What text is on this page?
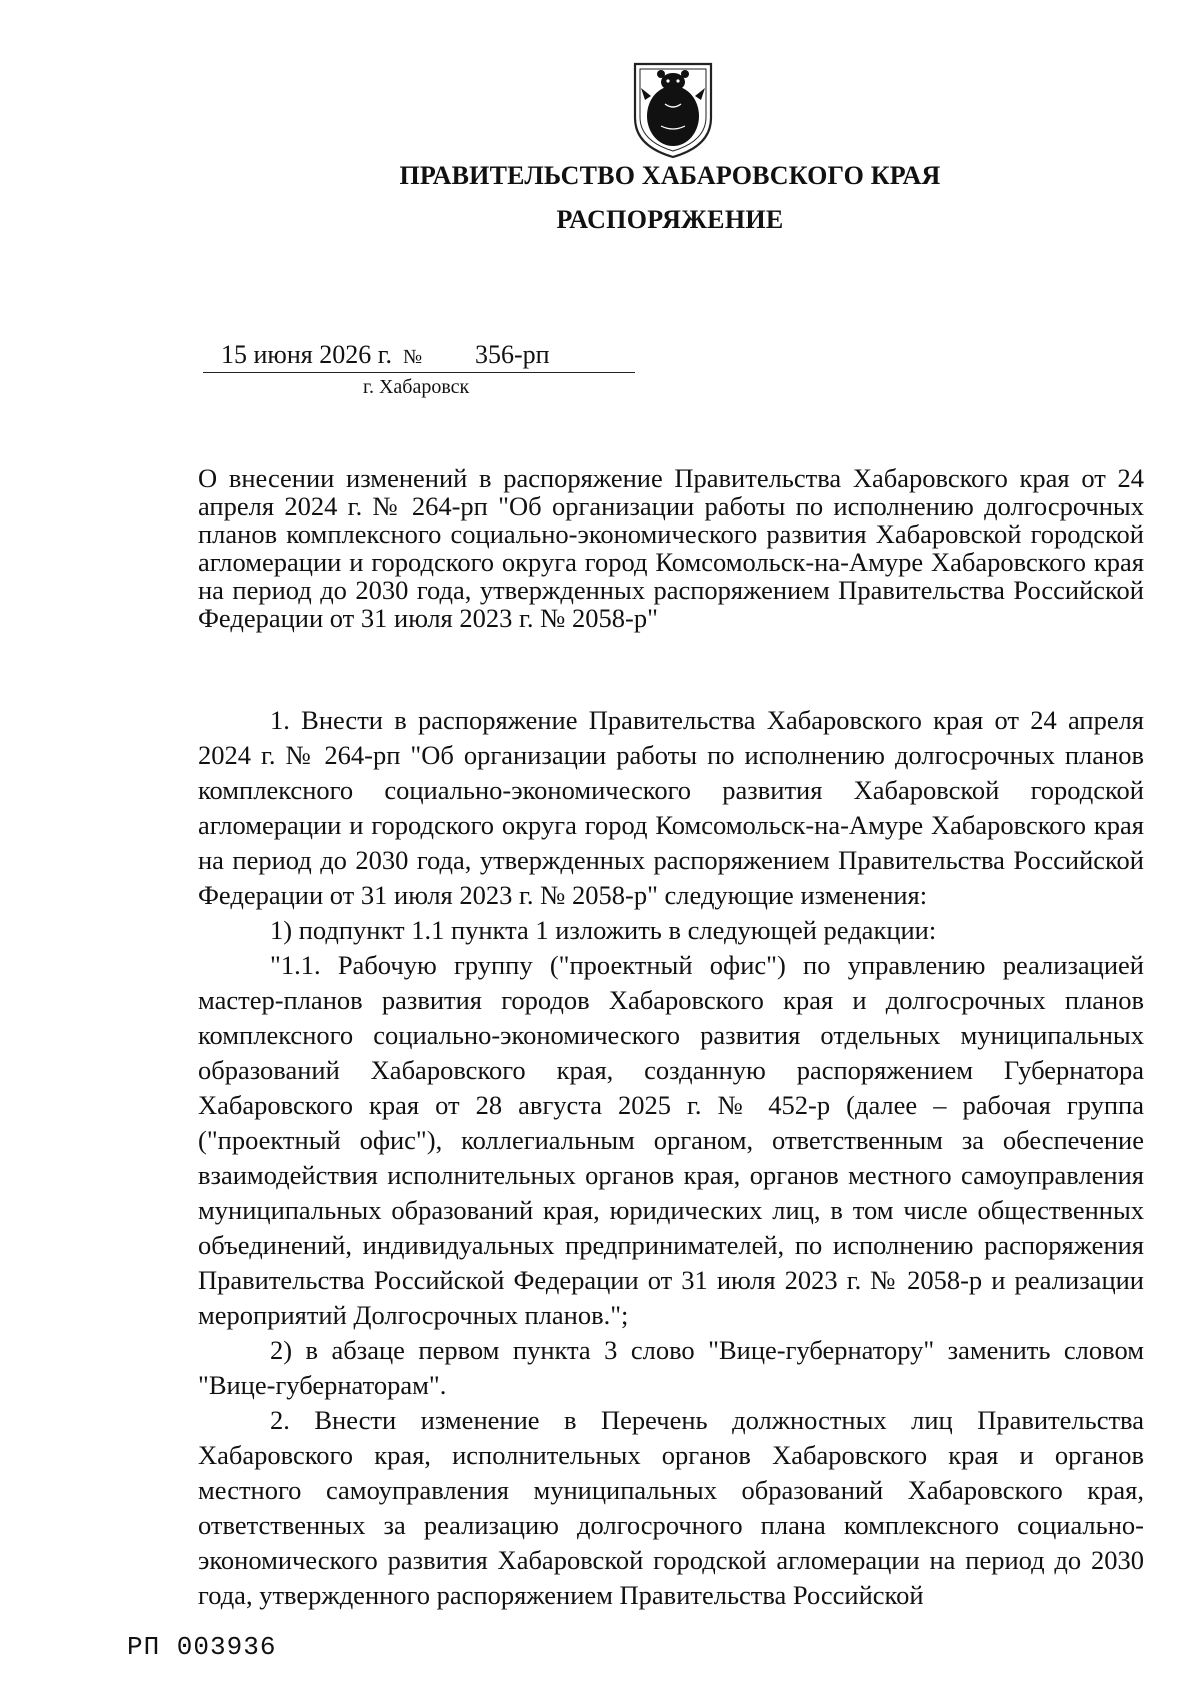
ПРАВИТЕЛЬСТВО ХАБАРОВСКОГО КРАЯ
РАСПОРЯЖЕНИЕ
15 июня 2026 г. № 356-рп
г. Хабаровск
О внесении изменений в распоряжение Правительства Хабаровского края от 24 апреля 2024 г. № 264-рп "Об организации работы по исполнению долгосрочных планов комплексного социально-экономического развития Хабаровской городской агломерации и городского округа город Комсомольск-на-Амуре Хабаровского края на период до 2030 года, утвержденных распоряжением Правительства Российской Федерации от 31 июля 2023 г. № 2058-р"

1. Внести в распоряжение Правительства Хабаровского края от 24 апреля 2024 г. № 264-рп "Об организации работы по исполнению долгосрочных планов комплексного социально-экономического развития Хабаровской городской агломерации и городского округа город Комсомольск-на-Амуре Хабаровского края на период до 2030 года, утвержденных распоряжением Правительства Российской Федерации от 31 июля 2023 г. № 2058-р" следующие изменения:

1) подпункт 1.1 пункта 1 изложить в следующей редакции:

"1.1. Рабочую группу ("проектный офис") по управлению реализацией мастер-планов развития городов Хабаровского края и долгосрочных планов комплексного социально-экономического развития отдельных муниципальных образований Хабаровского края, созданную распоряжением Губернатора Хабаровского края от 28 августа 2025 г. № 452-р (далее – рабочая группа ("проектный офис"), коллегиальным органом, ответственным за обеспечение взаимодействия исполнительных органов края, органов местного самоуправления муниципальных образований края, юридических лиц, в том числе общественных объединений, индивидуальных предпринимателей, по исполнению распоряжения Правительства Российской Федерации от 31 июля 2023 г. № 2058-р и реализации мероприятий Долгосрочных планов.";

2) в абзаце первом пункта 3 слово "Вице-губернатору" заменить словом "Вице-губернаторам".

2. Внести изменение в Перечень должностных лиц Правительства Хабаровского края, исполнительных органов Хабаровского края и органов местного самоуправления муниципальных образований Хабаровского края, ответственных за реализацию долгосрочного плана комплексного социально-экономического развития Хабаровской городской агломерации на период до 2030 года, утвержденного распоряжением Правительства Российской

РП 003936
